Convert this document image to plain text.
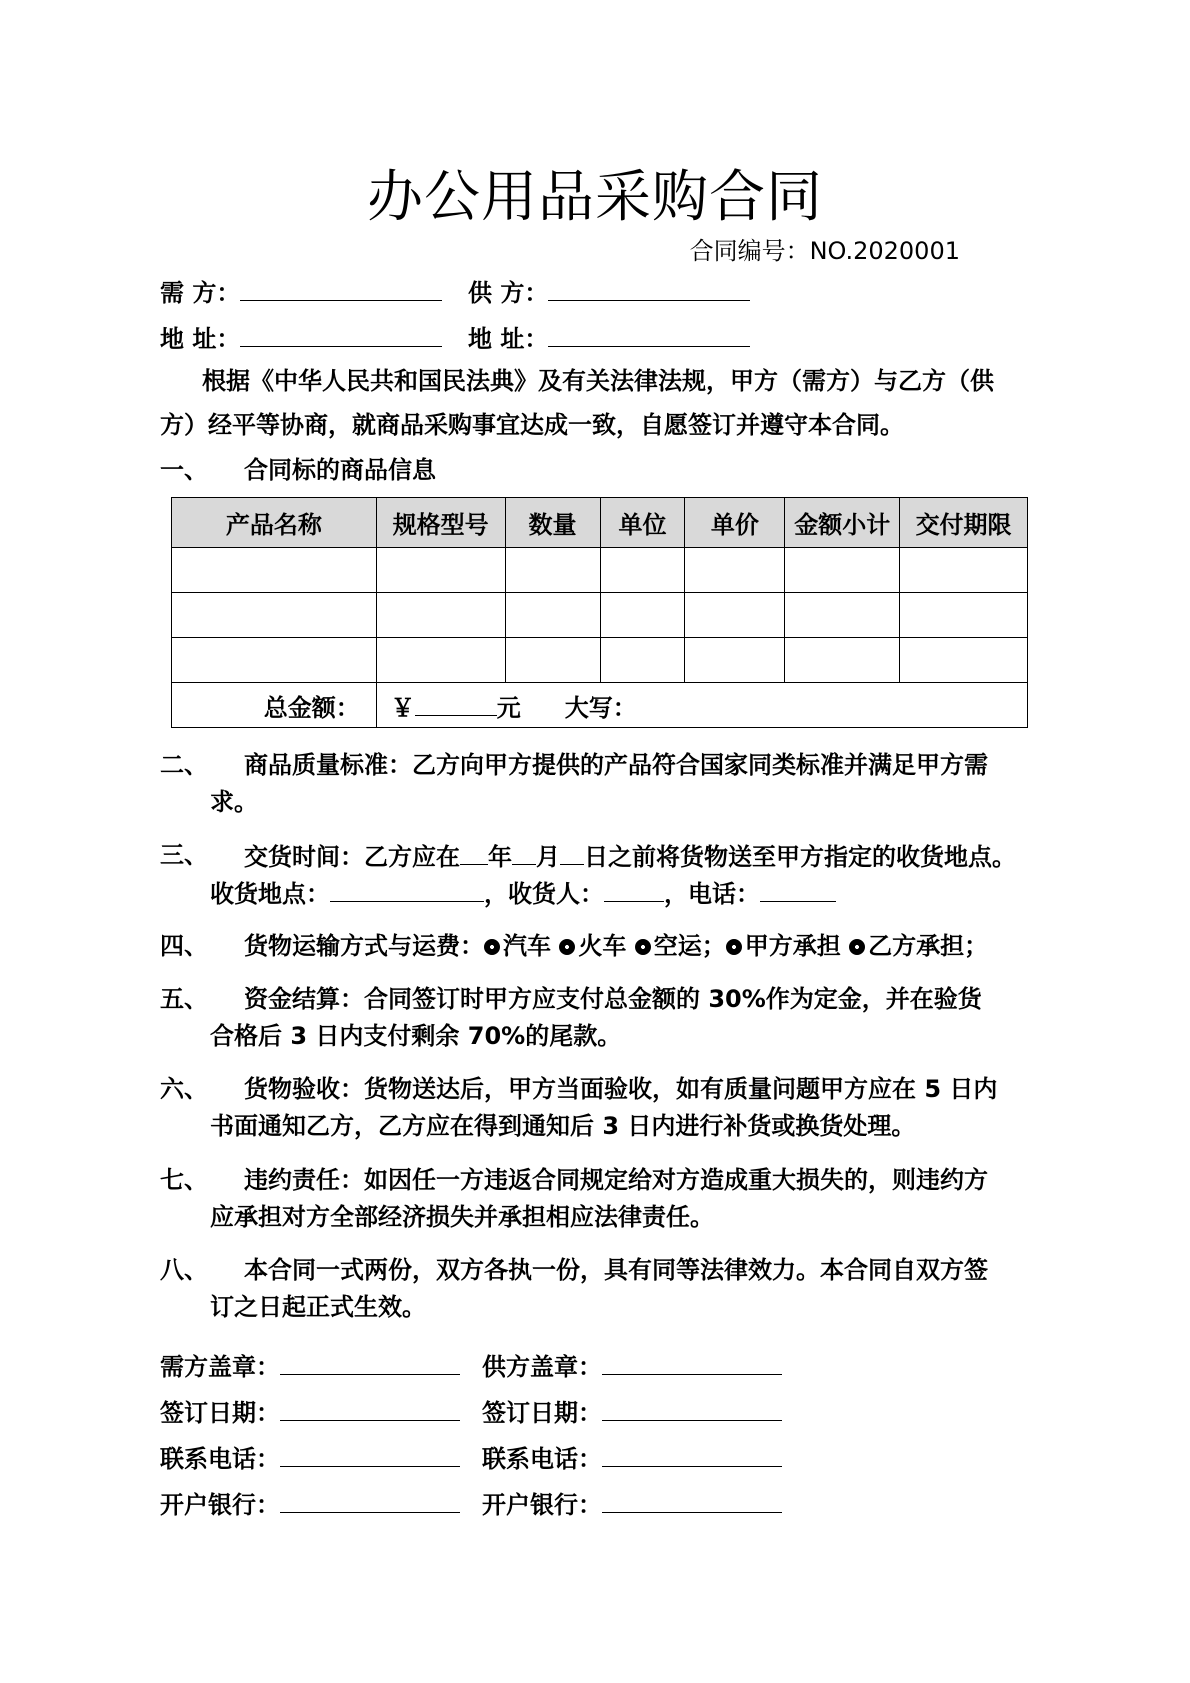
办公用品采购合同
合同编号：NO.2020001
需 方：	供 方：
地 址：	地 址：
根据《中华人民共和国民法典》及有关法律法规，甲方（需方）与乙方（供
方）经平等协商，就商品采购事宜达成一致，自愿签订并遵守本合同。
一、 合同标的商品信息
产品名称	规格型号	数量	单位	单价	金额小计	交付期限

总金额：	￥ 元 大写：					
二、 商品质量标准：乙方向甲方提供的产品符合国家同类标准并满足甲方需
求。
三、 交货时间：乙方应在 年 月 日之前将货物送至甲方指定的收货地点。
收货地点：	，收货人：	，电话：
四、 货物运输方式与运费： 汽车 火车 空运； 甲方承担 乙方承担；
五、 资金结算：合同签订时甲方应支付总金额的 30%作为定金，并在验货
合格后 3 日内支付剩余 70%的尾款。
六、 货物验收：货物送达后，甲方当面验收，如有质量问题甲方应在 5 日内
书面通知乙方，乙方应在得到通知后 3 日内进行补货或换货处理。
七、 违约责任：如因任一方违返合同规定给对方造成重大损失的，则违约方
应承担对方全部经济损失并承担相应法律责任。
八、 本合同一式两份，双方各执一份，具有同等法律效力。本合同自双方签
订之日起正式生效。
需方盖章：	供方盖章：
签订日期：	签订日期：
联系电话：	联系电话：
开户银行：	开户银行：
